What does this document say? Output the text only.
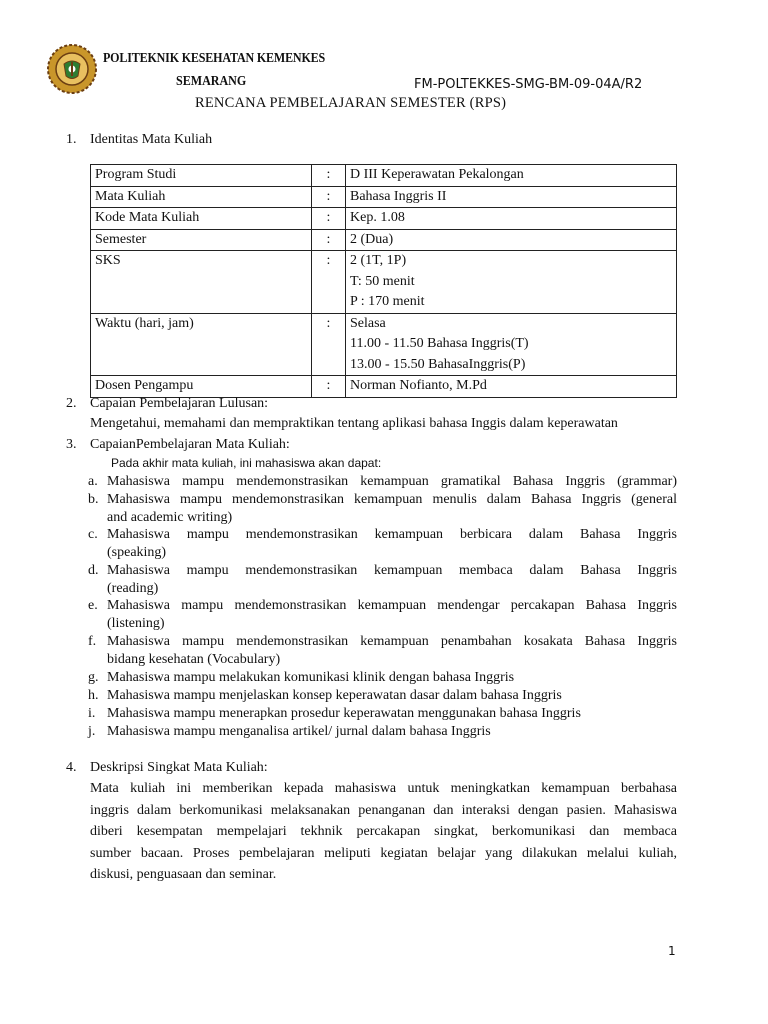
POLITEKNIK KESEHATAN KEMENKES
SEMARANG	FM-POLTEKKES-SMG-BM-09-04A/R2
RENCANA PEMBELAJARAN SEMESTER (RPS)
1. Identitas Mata Kuliah
Program Studi	:	D III Keperawatan Pekalongan

Mata Kuliah	:	Bahasa Inggris II

Kode Mata Kuliah	:	Kep. 1.08

Semester	:	2 (Dua)

SKS	:	2 (1T, 1P)
T: 50 menit
P : 170 menit

Waktu (hari, jam)	:	Selasa
11.00 - 11.50 Bahasa Inggris(T)
13.00 - 15.50 BahasaInggris(P)

Dosen Pengampu	:	Norman Nofianto, M.Pd
2. Capaian Pembelajaran Lulusan:
Mengetahui, memahami dan mempraktikan tentang aplikasi bahasa Inggis dalam keperawatan
3. CapaianPembelajaran Mata Kuliah:
Pada akhir mata kuliah, ini mahasiswa akan dapat:
a. Mahasiswa mampu mendemonstrasikan kemampuan gramatikal Bahasa Inggris (grammar)
b. Mahasiswa mampu mendemonstrasikan kemampuan menulis dalam Bahasa Inggris (general
and academic writing)
c. Mahasiswa mampu mendemonstrasikan kemampuan berbicara dalam Bahasa Inggris
(speaking)
d. Mahasiswa mampu mendemonstrasikan kemampuan membaca dalam Bahasa Inggris
(reading)
e. Mahasiswa mampu mendemonstrasikan kemampuan mendengar percakapan Bahasa Inggris
(listening)
f. Mahasiswa mampu mendemonstrasikan kemampuan penambahan kosakata Bahasa Inggris
bidang kesehatan (Vocabulary)
g. Mahasiswa mampu melakukan komunikasi klinik dengan bahasa Inggris
h. Mahasiswa mampu menjelaskan konsep keperawatan dasar dalam bahasa Inggris
i. Mahasiswa mampu menerapkan prosedur keperawatan menggunakan bahasa Inggris
j. Mahasiswa mampu menganalisa artikel/ jurnal dalam bahasa Inggris
4. Deskripsi Singkat Mata Kuliah:
Mata kuliah ini memberikan kepada mahasiswa untuk meningkatkan kemampuan berbahasa
inggris dalam berkomunikasi melaksanakan penanganan dan interaksi dengan pasien. Mahasiswa
diberi kesempatan mempelajari tekhnik percakapan singkat, berkomunikasi dan membaca
sumber bacaan. Proses pembelajaran meliputi kegiatan belajar yang dilakukan melalui kuliah,
diskusi, penguasaan dan seminar.
1
